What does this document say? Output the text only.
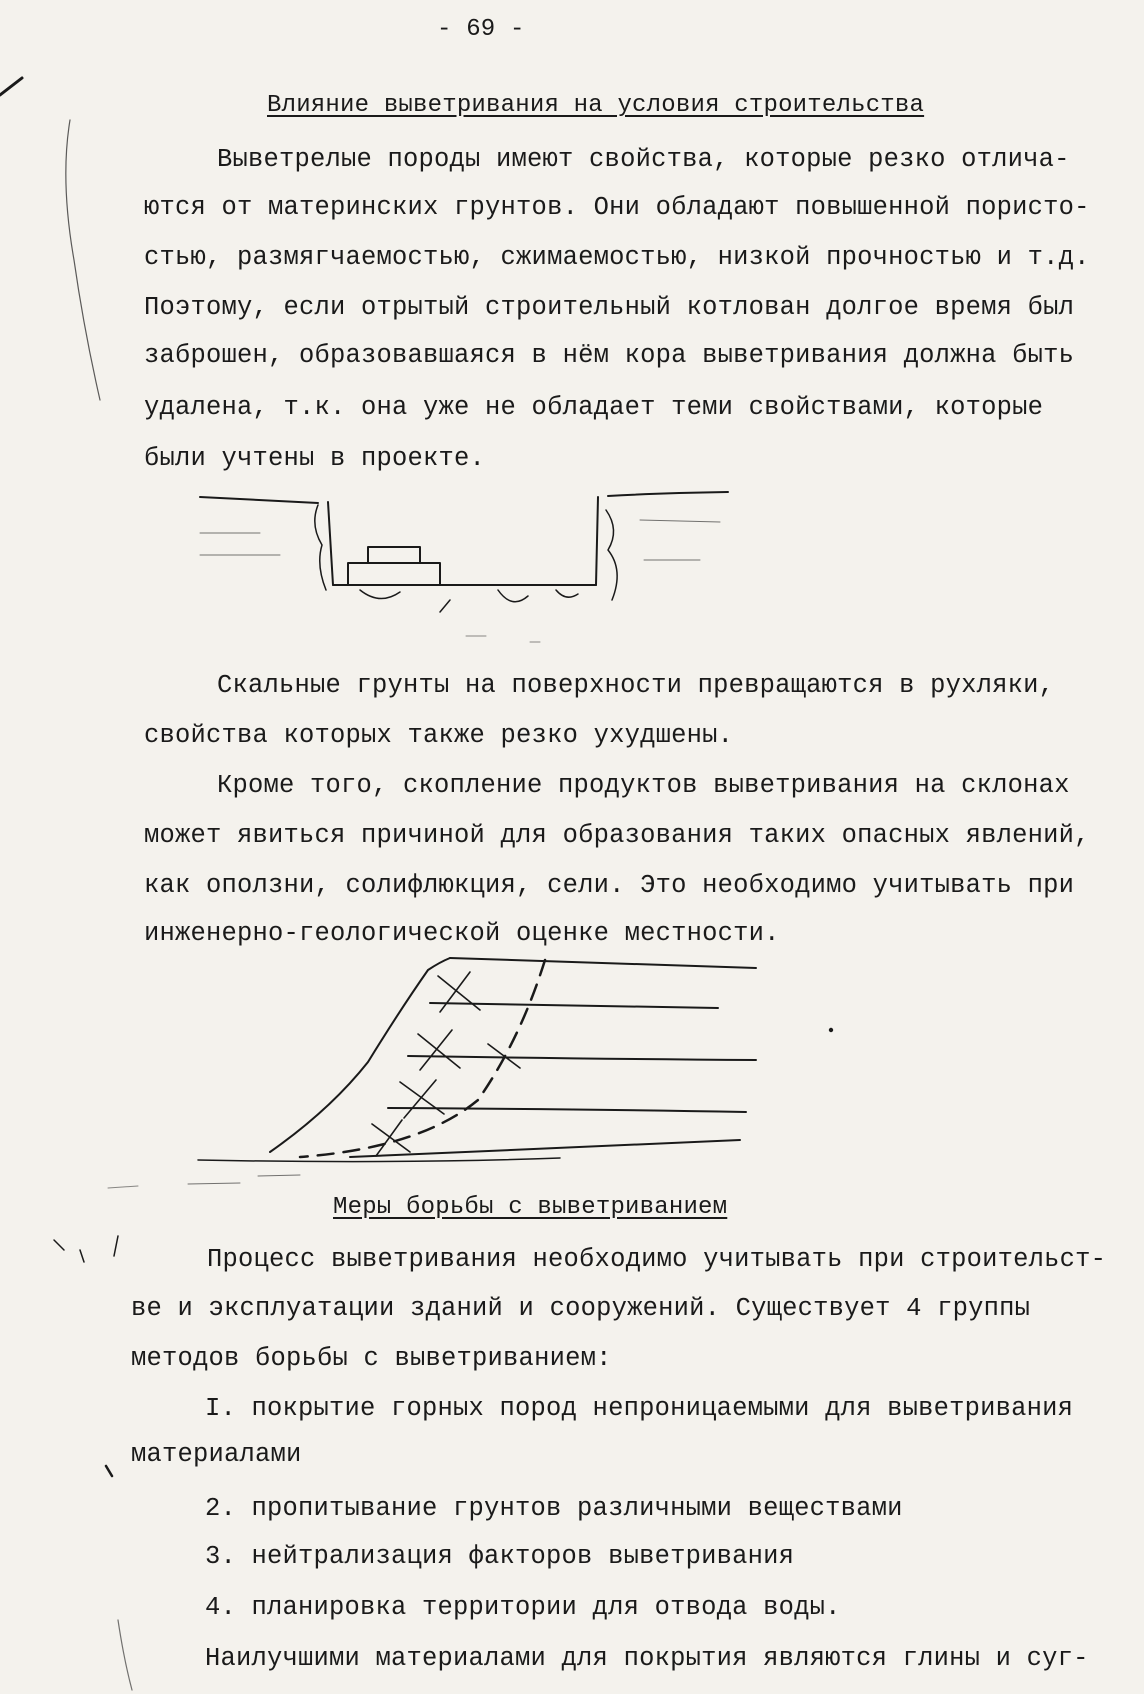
- 69 -
Влияние выветривания на условия строительства
Выветрелые породы имеют свойства, которые резко отлича-
ются от материнских грунтов. Они обладают повышенной пористо-
стью, размягчаемостью, сжимаемостью, низкой прочностью и т.д.
Поэтому, если отрытый строительный котлован долгое время был
заброшен, образовавшаяся в нём кора выветривания должна быть
удалена, т.к. она уже не обладает теми свойствами, которые
были учтены в проекте.
Скальные грунты на поверхности превращаются в рухляки,
свойства которых также резко ухудшены.
Кроме того, скопление продуктов выветривания на склонах
может явиться причиной для образования таких опасных явлений,
как оползни, солифлюкция, сели. Это необходимо учитывать при
инженерно-геологической оценке местности.
Меры борьбы с выветриванием
Процесс выветривания необходимо учитывать при строительст-
ве и эксплуатации зданий и сооружений. Существует 4 группы
методов борьбы с выветриванием:
I. покрытие горных пород непроницаемыми для выветривания
материалами
2. пропитывание грунтов различными веществами
3. нейтрализация факторов выветривания
4. планировка территории для отвода воды.
Наилучшими материалами для покрытия являются глины и суг-
